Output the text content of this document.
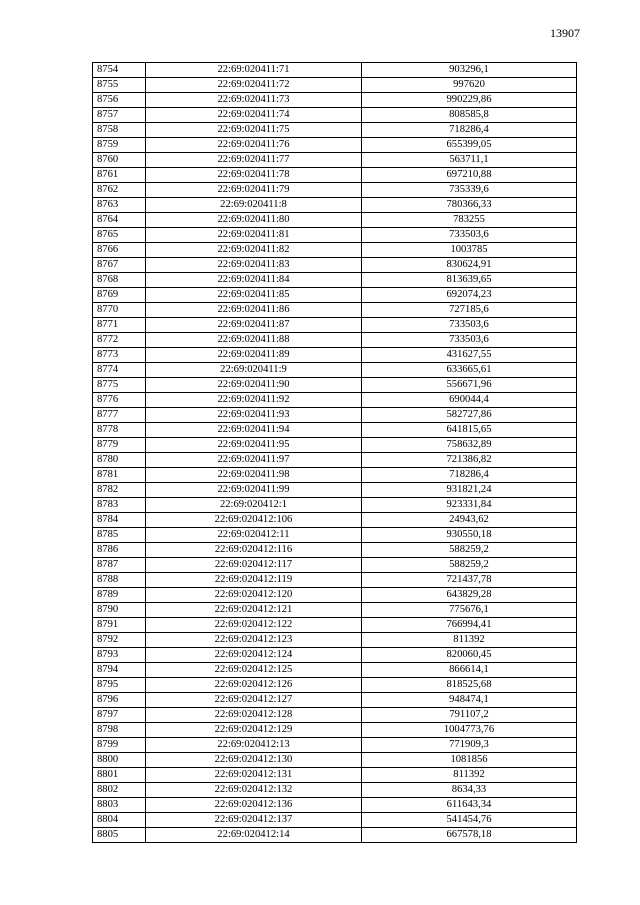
13907
8754	22:69:020411:71	903296,1
8755	22:69:020411:72	997620
8756	22:69:020411:73	990229,86
8757	22:69:020411:74	808585,8
8758	22:69:020411:75	718286,4
8759	22:69:020411:76	655399,05
8760	22:69:020411:77	563711,1
8761	22:69:020411:78	697210,88
8762	22:69:020411:79	735339,6
8763	22:69:020411:8	780366,33
8764	22:69:020411:80	783255
8765	22:69:020411:81	733503,6
8766	22:69:020411:82	1003785
8767	22:69:020411:83	830624,91
8768	22:69:020411:84	813639,65
8769	22:69:020411:85	692074,23
8770	22:69:020411:86	727185,6
8771	22:69:020411:87	733503,6
8772	22:69:020411:88	733503,6
8773	22:69:020411:89	431627,55
8774	22:69:020411:9	633665,61
8775	22:69:020411:90	556671,96
8776	22:69:020411:92	690044,4
8777	22:69:020411:93	582727,86
8778	22:69:020411:94	641815,65
8779	22:69:020411:95	758632,89
8780	22:69:020411:97	721386,82
8781	22:69:020411:98	718286,4
8782	22:69:020411:99	931821,24
8783	22:69:020412:1	923331,84
8784	22:69:020412:106	24943,62
8785	22:69:020412:11	930550,18
8786	22:69:020412:116	588259,2
8787	22:69:020412:117	588259,2
8788	22:69:020412:119	721437,78
8789	22:69:020412:120	643829,28
8790	22:69:020412:121	775676,1
8791	22:69:020412:122	766994,41
8792	22:69:020412:123	811392
8793	22:69:020412:124	820060,45
8794	22:69:020412:125	866614,1
8795	22:69:020412:126	818525,68
8796	22:69:020412:127	948474,1
8797	22:69:020412:128	791107,2
8798	22:69:020412:129	1004773,76
8799	22:69:020412:13	771909,3
8800	22:69:020412:130	1081856
8801	22:69:020412:131	811392
8802	22:69:020412:132	8634,33
8803	22:69:020412:136	611643,34
8804	22:69:020412:137	541454,76
8805	22:69:020412:14	667578,18
